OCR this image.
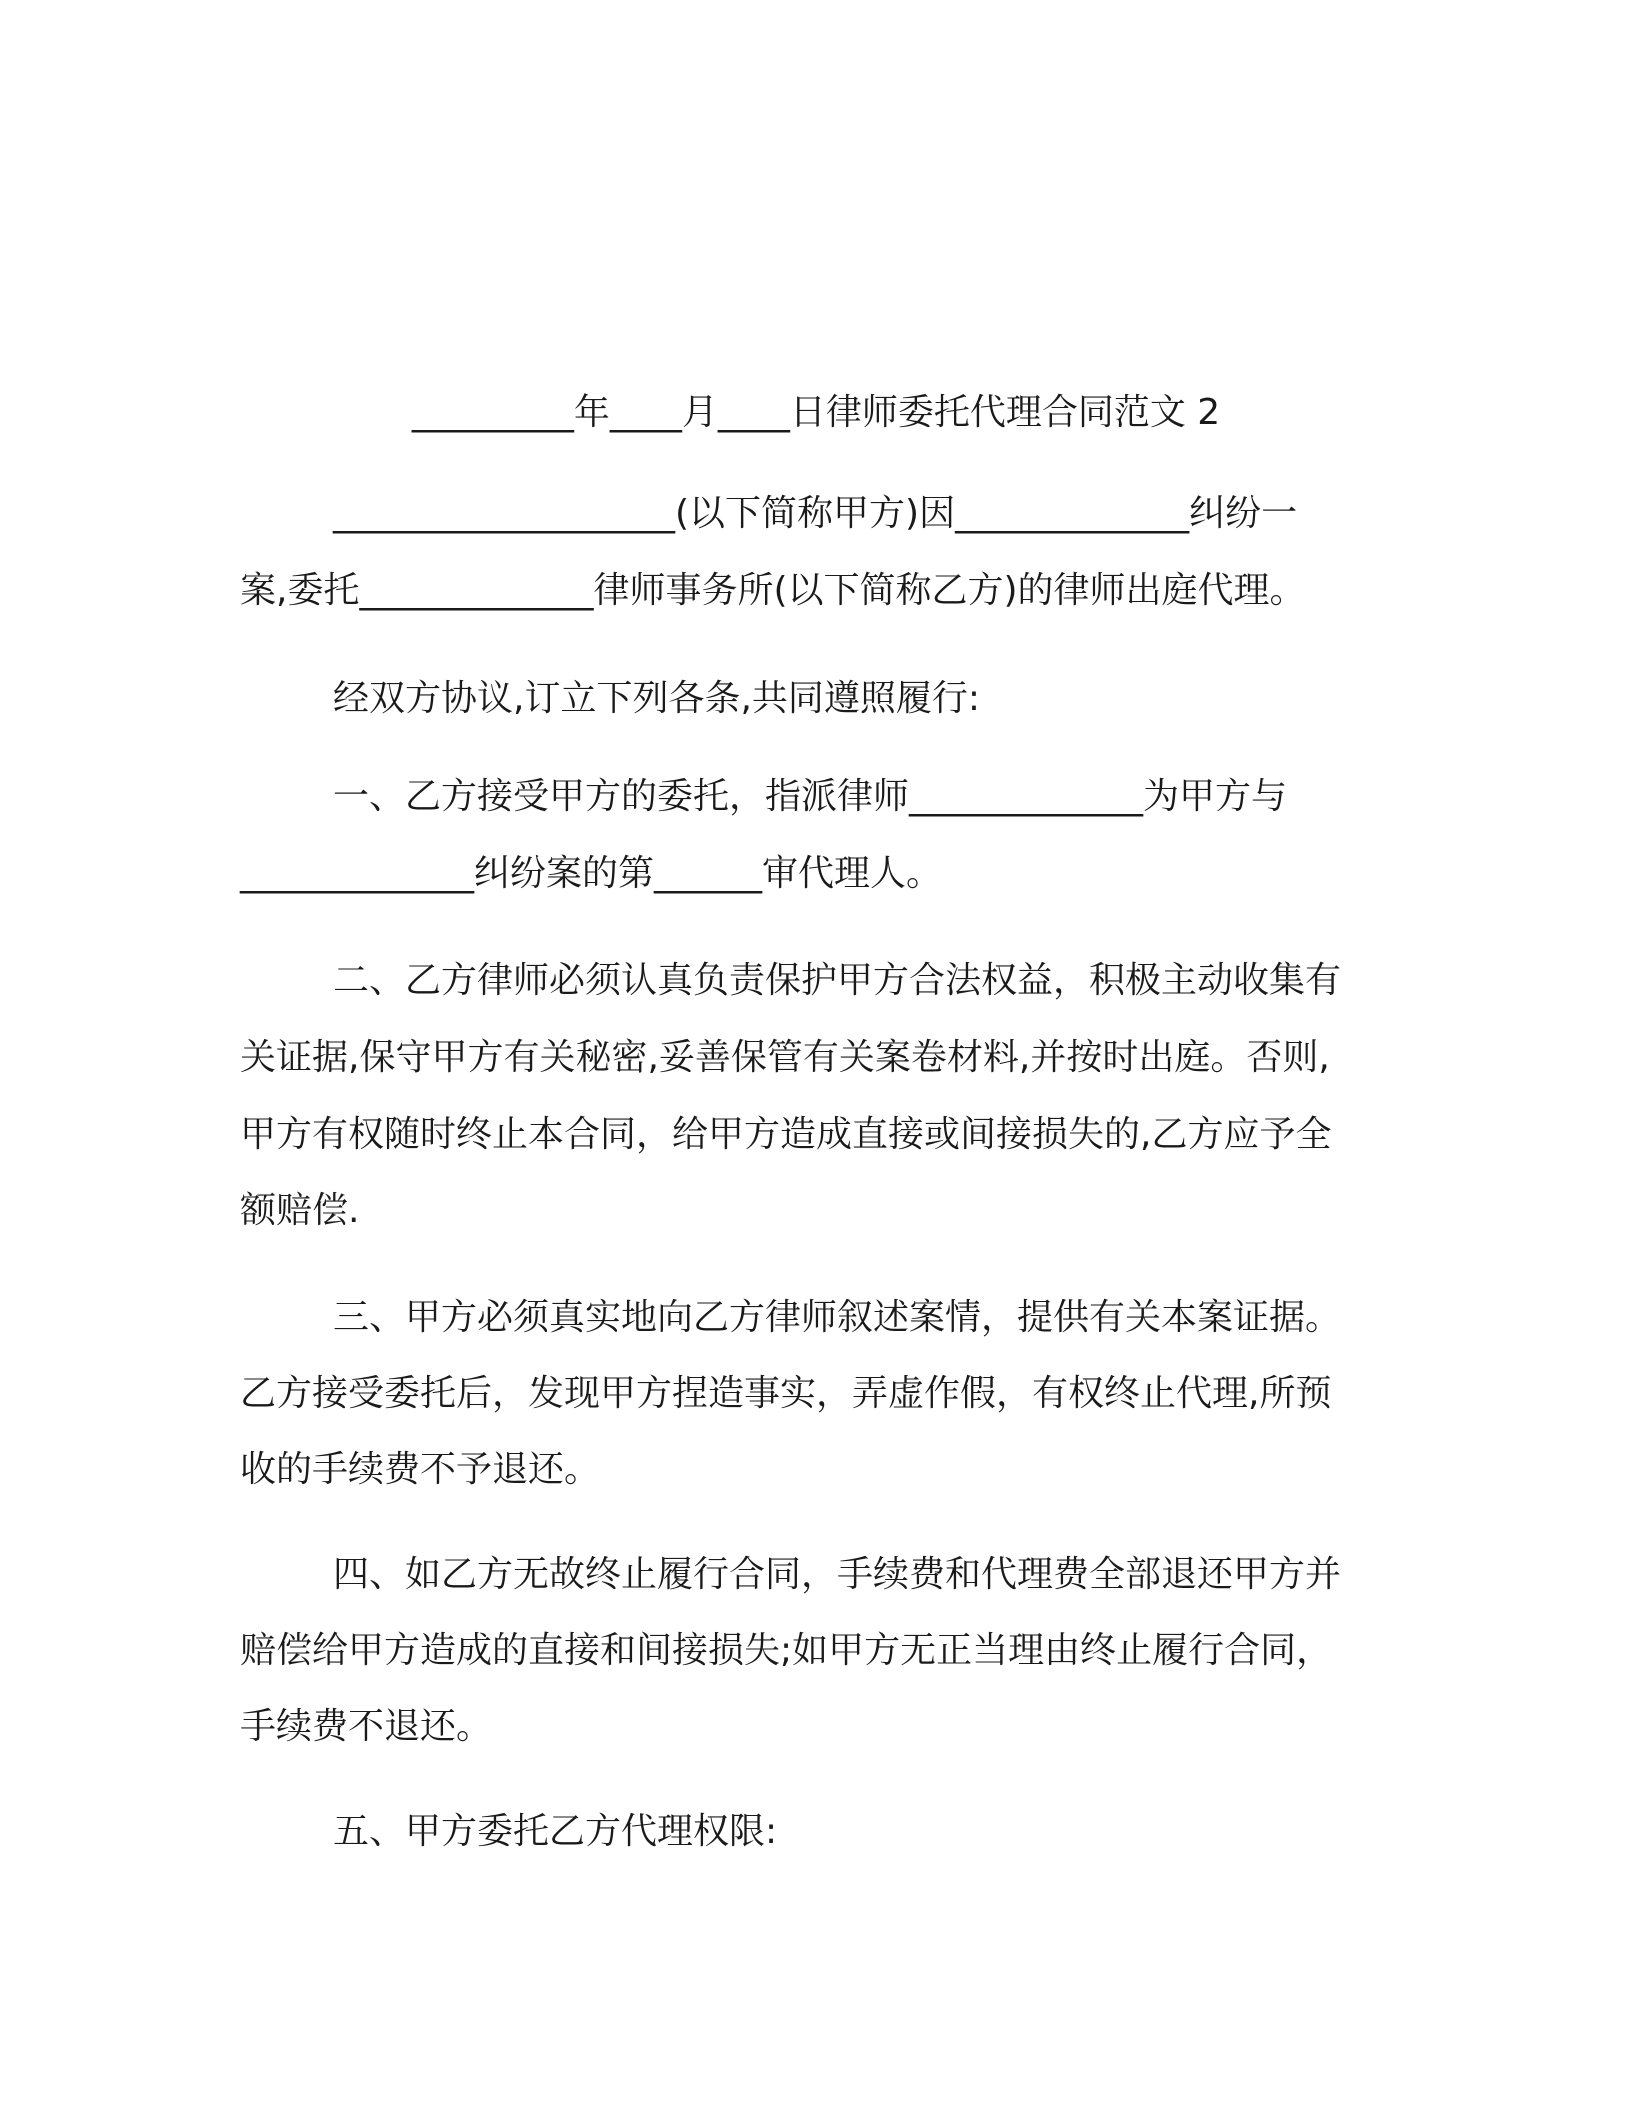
_________年____月____日律师委托代理合同范文 2

___________________(以下简称甲方)因_____________纠纷一

案,委托_____________律师事务所(以下简称乙方)的律师出庭代理。

经双方协议,订立下列各条,共同遵照履行:

一、乙方接受甲方的委托，指派律师_____________为甲方与

_____________纠纷案的第______审代理人。

二、乙方律师必须认真负责保护甲方合法权益，积极主动收集有

关证据,保守甲方有关秘密,妥善保管有关案卷材料,并按时出庭。否则,

甲方有权随时终止本合同，给甲方造成直接或间接损失的,乙方应予全

额赔偿.

三、甲方必须真实地向乙方律师叙述案情，提供有关本案证据。

乙方接受委托后，发现甲方捏造事实，弄虚作假，有权终止代理,所预

收的手续费不予退还。

四、如乙方无故终止履行合同，手续费和代理费全部退还甲方并

赔偿给甲方造成的直接和间接损失;如甲方无正当理由终止履行合同，

手续费不退还。

五、甲方委托乙方代理权限:
